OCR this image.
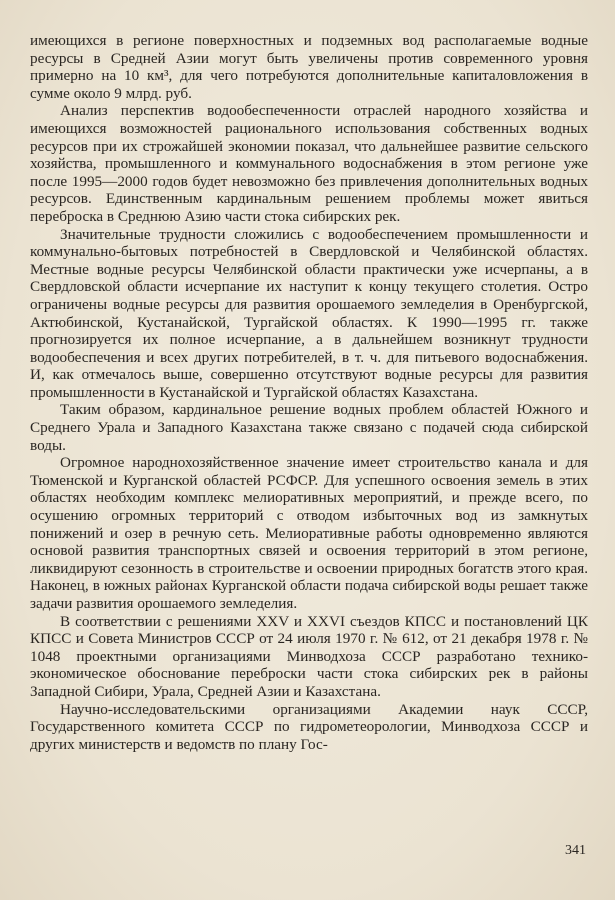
имеющихся в регионе поверхностных и подземных вод располагаемые водные ресурсы в Средней Азии могут быть увеличены против современного уровня примерно на 10 км³, для чего потребуются дополнительные капиталовложения в сумме около 9 млрд. руб.

Анализ перспектив водообеспеченности отраслей народного хозяйства и имеющихся возможностей рационального использования собственных водных ресурсов при их строжайшей экономии показал, что дальнейшее развитие сельского хозяйства, промышленного и коммунального водоснабжения в этом регионе уже после 1995—2000 годов будет невозможно без привлечения дополнительных водных ресурсов. Единственным кардинальным решением проблемы может явиться переброска в Среднюю Азию части стока сибирских рек.

Значительные трудности сложились с водообеспечением промышленности и коммунально-бытовых потребностей в Свердловской и Челябинской областях. Местные водные ресурсы Челябинской области практически уже исчерпаны, а в Свердловской области исчерпание их наступит к концу текущего столетия. Остро ограничены водные ресурсы для развития орошаемого земледелия в Оренбургской, Актюбинской, Кустанайской, Тургайской областях. К 1990—1995 гг. также прогнозируется их полное исчерпание, а в дальнейшем возникнут трудности водообеспечения и всех других потребителей, в т. ч. для питьевого водоснабжения. И, как отмечалось выше, совершенно отсутствуют водные ресурсы для развития промышленности в Кустанайской и Тургайской областях Казахстана.

Таким образом, кардинальное решение водных проблем областей Южного и Среднего Урала и Западного Казахстана также связано с подачей сюда сибирской воды.

Огромное народнохозяйственное значение имеет строительство канала и для Тюменской и Курганской областей РСФСР. Для успешного освоения земель в этих областях необходим комплекс мелиоративных мероприятий, и прежде всего, по осушению огромных территорий с отводом избыточных вод из замкнутых понижений и озер в речную сеть. Мелиоративные работы одновременно являются основой развития транспортных связей и освоения территорий в этом регионе, ликвидируют сезонность в строительстве и освоении природных богатств этого края. Наконец, в южных районах Курганской области подача сибирской воды решает также задачи развития орошаемого земледелия.

В соответствии с решениями XXV и XXVI съездов КПСС и постановлений ЦК КПСС и Совета Министров СССР от 24 июля 1970 г. № 612, от 21 декабря 1978 г. № 1048 проектными организациями Минводхоза СССР разработано технико-экономическое обоснование переброски части стока сибирских рек в районы Западной Сибири, Урала, Средней Азии и Казахстана.

Научно-исследовательскими организациями Академии наук СССР, Государственного комитета СССР по гидрометеорологии, Минводхоза СССР и других министерств и ведомств по плану Гос-

341
